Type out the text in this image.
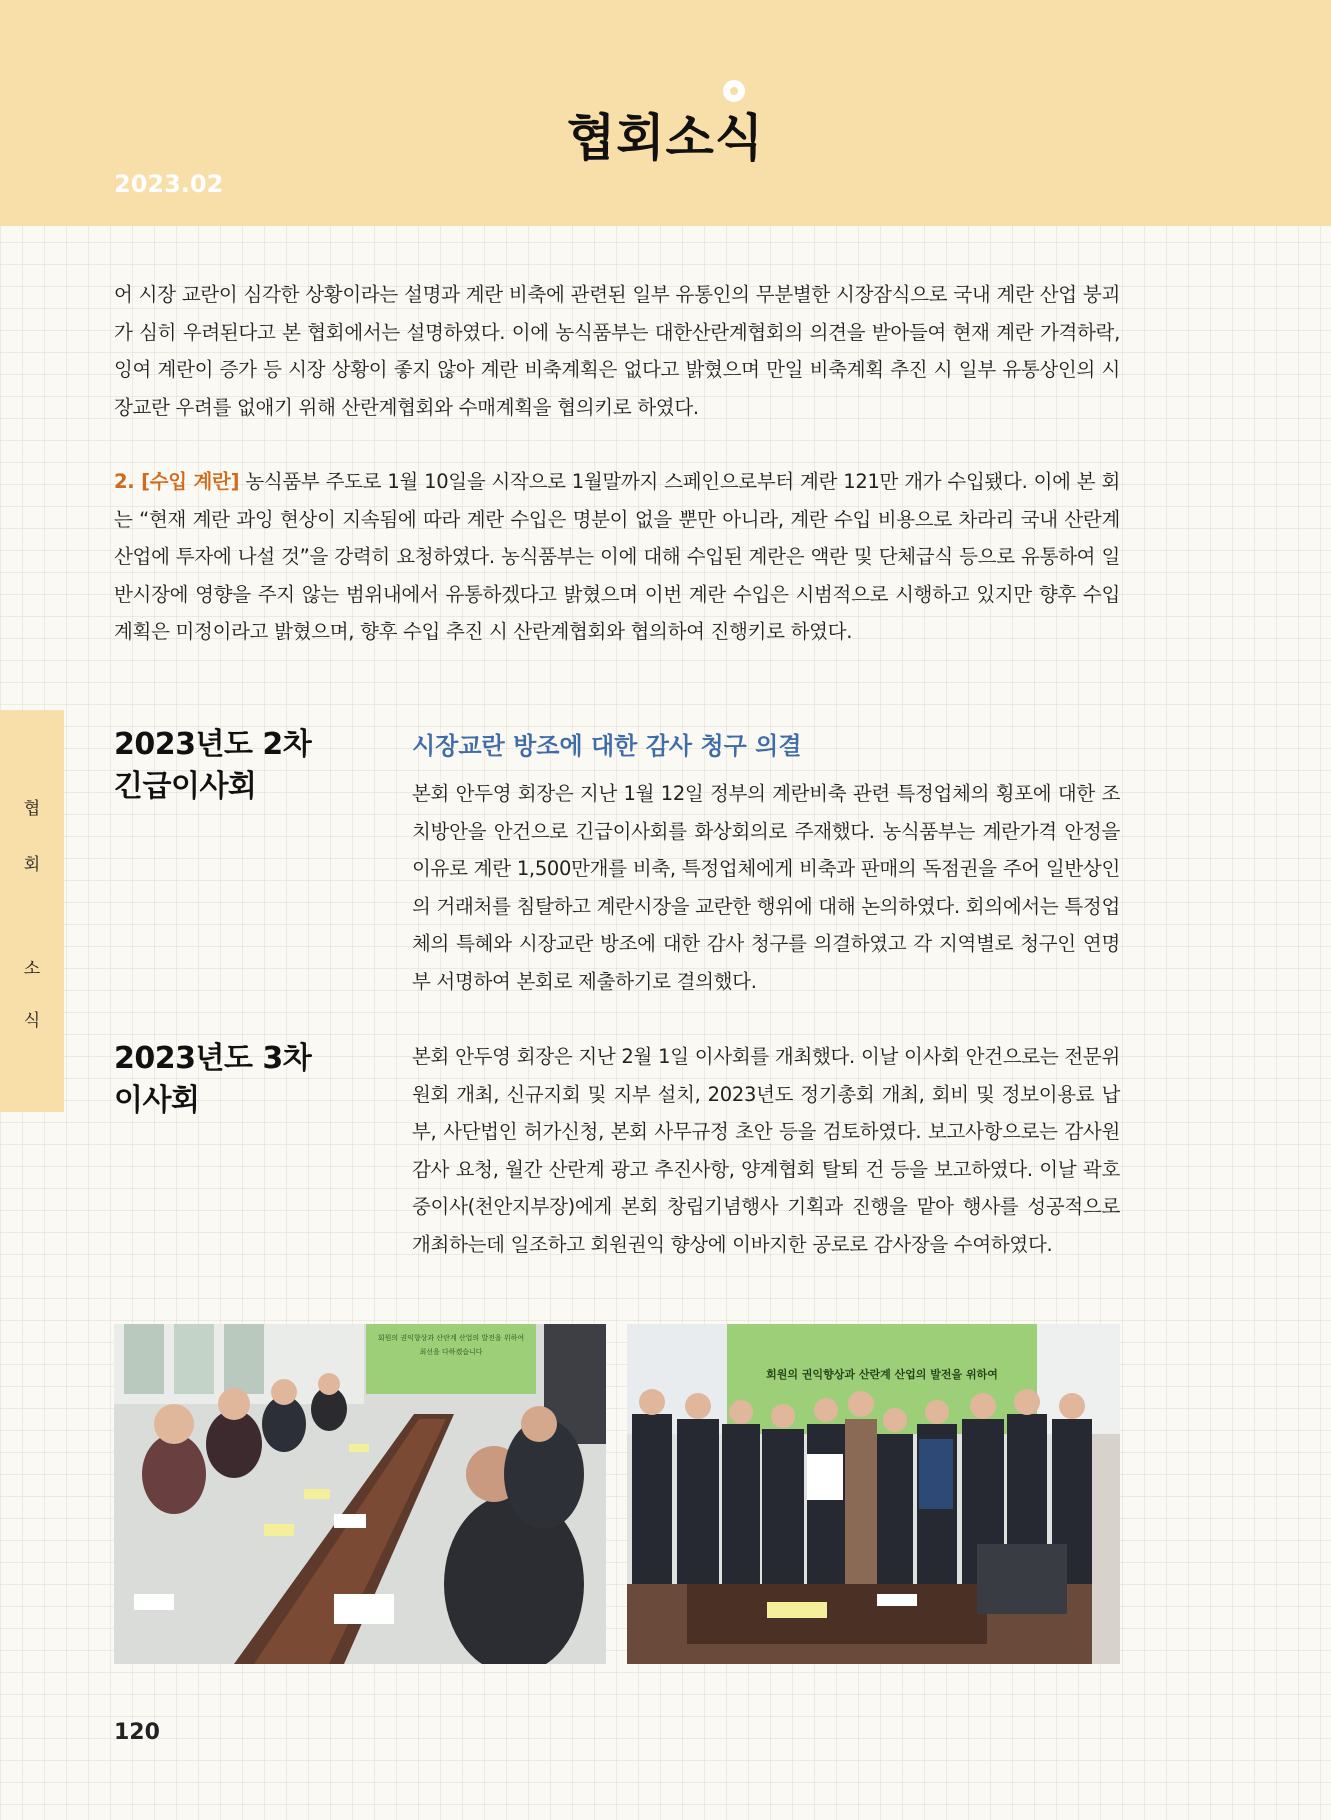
협회소식
2023.02
어 시장 교란이 심각한 상황이라는 설명과 계란 비축에 관련된 일부 유통인의 무분별한 시장잠식으로 국내 계란 산업 붕괴가 심히 우려된다고 본 협회에서는 설명하였다. 이에 농식품부는 대한산란계협회의 의견을 받아들여 현재 계란 가격하락, 잉여 계란이 증가 등 시장 상황이 좋지 않아 계란 비축계획은 없다고 밝혔으며 만일 비축계획 추진 시 일부 유통상인의 시장교란 우려를 없애기 위해 산란계협회와 수매계획을 협의키로 하였다.
2. [수입 계란] 농식품부 주도로 1월 10일을 시작으로 1월말까지 스페인으로부터 계란 121만 개가 수입됐다. 이에 본 회는 “현재 계란 과잉 현상이 지속됨에 따라 계란 수입은 명분이 없을 뿐만 아니라, 계란 수입 비용으로 차라리 국내 산란계 산업에 투자에 나설 것”을 강력히 요청하였다. 농식품부는 이에 대해 수입된 계란은 액란 및 단체급식 등으로 유통하여 일반시장에 영향을 주지 않는 범위내에서 유통하겠다고 밝혔으며 이번 계란 수입은 시범적으로 시행하고 있지만 향후 수입 계획은 미정이라고 밝혔으며, 향후 수입 추진 시 산란계협회와 협의하여 진행키로 하였다.
협
회
소
식
2023년도 2차
긴급이사회
시장교란 방조에 대한 감사 청구 의결
본회 안두영 회장은 지난 1월 12일 정부의 계란비축 관련 특정업체의 횡포에 대한 조치방안을 안건으로 긴급이사회를 화상회의로 주재했다. 농식품부는 계란가격 안정을 이유로 계란 1,500만개를 비축, 특정업체에게 비축과 판매의 독점권을 주어 일반상인의 거래처를 침탈하고 계란시장을 교란한 행위에 대해 논의하였다. 회의에서는 특정업체의 특혜와 시장교란 방조에 대한 감사 청구를 의결하였고 각 지역별로 청구인 연명부 서명하여 본회로 제출하기로 결의했다.
2023년도 3차
이사회
본회 안두영 회장은 지난 2월 1일 이사회를 개최했다. 이날 이사회 안건으로는 전문위원회 개최, 신규지회 및 지부 설치, 2023년도 정기총회 개최, 회비 및 정보이용료 납부, 사단법인 허가신청, 본회 사무규정 초안 등을 검토하였다. 보고사항으로는 감사원 감사 요청, 월간 산란계 광고 추진사항, 양계협회 탈퇴 건 등을 보고하였다. 이날 곽호중이사(천안지부장)에게 본회 창립기념행사 기획과 진행을 맡아 행사를 성공적으로 개최하는데 일조하고 회원권익 향상에 이바지한 공로로 감사장을 수여하였다.
회원의 권익향상과 산란계 산업의 발전을 위하여
최선을 다하겠습니다
회원의 권익향상과 산란계 산업의 발전을 위하여
120
